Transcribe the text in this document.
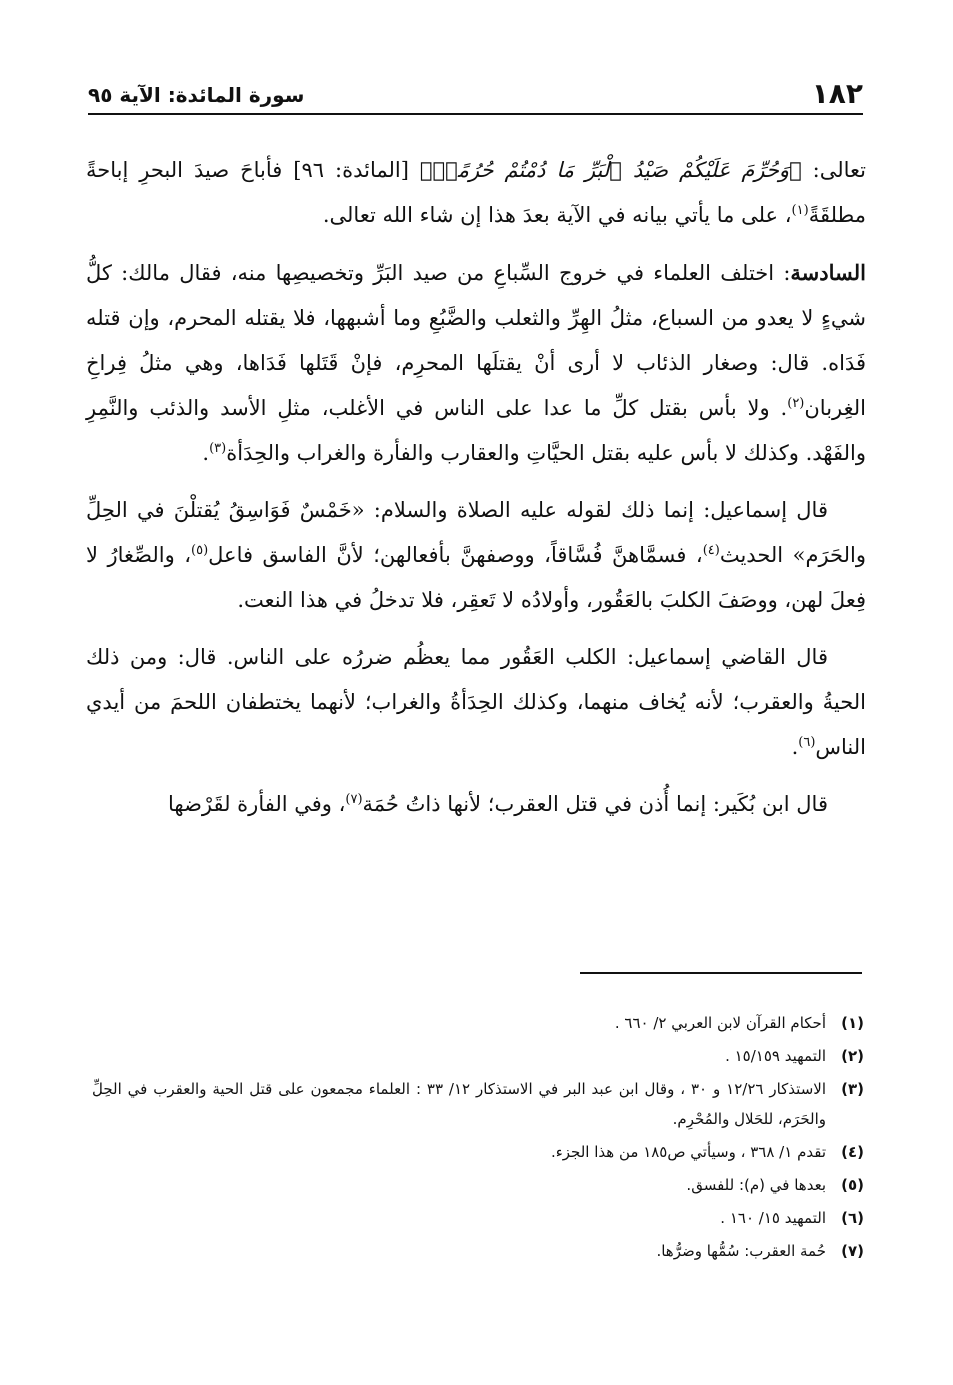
١٨٢
سورة المائدة: الآية ٩٥

تعالى: ﴿وَحُرِّمَ عَلَيْكُمْ صَيْدُ ٱلْبَرِّ مَا دُمْتُمْ حُرُمًاۗ﴾ [المائدة: ٩٦] فأباحَ صيدَ البحرِ إباحةً مطلقَةً$^{(١)}$، على ما يأتي بيانه في الآية بعدَ هذا إن شاء الله تعالى.

السادسة: اختلف العلماء في خروج السِّباعِ من صيد البَرِّ وتخصيصِها منه، فقال مالك: كلُّ شيءٍ لا يعدو من السباع، مثلُ الهِرِّ والثعلب والضَّبُعِ وما أشبهها، فلا يقتله المحرم، وإن قتله فَدَاه. قال: وصغار الذئاب لا أرى أنْ يقتلَها المحرِم، فإنْ قَتَلها فَدَاها، وهي مثلُ فِراخِ الغِربان$^{(٢)}$. ولا بأس بقتل كلِّ ما عدا على الناس في الأغلب، مثلِ الأسد والذئب والنَّمِرِ والفَهْد. وكذلك لا بأس عليه بقتل الحيَّاتِ والعقارب والفأرة والغراب والحِدَأة$^{(٣)}$.

قال إسماعيل: إنما ذلك لقوله عليه الصلاة والسلام: «خَمْسٌ فَوَاسِقُ يُقتلْنَ في الحِلِّ والحَرَم» الحديث$^{(٤)}$، فسمَّاهنَّ فُسَّاقاً، ووصفهنَّ بأفعالهن؛ لأنَّ الفاسق فاعل$^{(٥)}$، والصِّغارُ لا فِعلَ لهن، ووصَفَ الكلبَ بالعَقُور، وأولادُه لا تَعقِر، فلا تدخلُ في هذا النعت.

قال القاضي إسماعيل: الكلب العَقُور مما يعظُم ضررُه على الناس. قال: ومن ذلك الحيةُ والعقرب؛ لأنه يُخاف منهما، وكذلك الحِدَأةُ والغراب؛ لأنهما يختطفان اللحمَ من أيدي الناس$^{(٦)}$.

قال ابن بُكَير: إنما أُذن في قتل العقرب؛ لأنها ذاتُ حُمَة$^{(٧)}$، وفي الفأرة لقَرْضها

(١)
أحكام القرآن لابن العربي ٢/ ٦٦٠ .
(٢)
التمهيد ١٥/١٥٩ .
(٣)
الاستذكار ١٢/٢٦ و ٣٠ ، وقال ابن عبد البر في الاستذكار ١٢/ ٣٣ : العلماء مجمعون على قتل الحية والعقرب في الحِلِّ والحَرَم، للحَلال والمُحْرِم.
(٤)
تقدم ١/ ٣٦٨ ، وسيأتي ص١٨٥ من هذا الجزء.
(٥)
بعدها في (م): للفسق.
(٦)
التمهيد ١٥/ ١٦٠ .
(٧)
حُمة العقرب: سُمُّها وضرُّها.
